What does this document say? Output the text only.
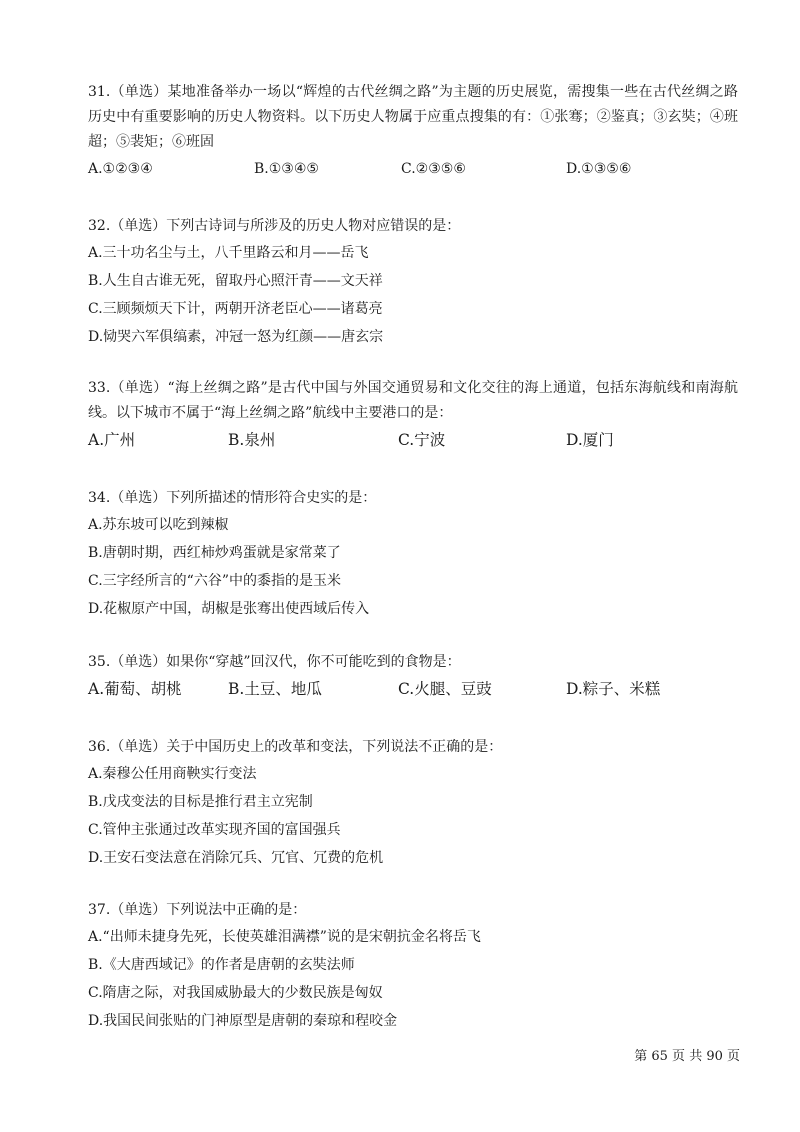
31.（单选）某地准备举办一场以“辉煌的古代丝绸之路”为主题的历史展览，需搜集一些在古代丝绸之路历史中有重要影响的历史人物资料。以下历史人物属于应重点搜集的有：①张骞；②鉴真；③玄奘；④班超；⑤裴矩；⑥班固

A.①②③④	B.①③④⑤	C.②③⑤⑥	D.①③⑤⑥

32.（单选）下列古诗词与所涉及的历史人物对应错误的是：

A.三十功名尘与土，八千里路云和月——岳飞

B.人生自古谁无死，留取丹心照汗青——文天祥

C.三顾频烦天下计，两朝开济老臣心——诸葛亮

D.恸哭六军俱缟素，冲冠一怒为红颜——唐玄宗

33.（单选）“海上丝绸之路”是古代中国与外国交通贸易和文化交往的海上通道，包括东海航线和南海航线。以下城市不属于“海上丝绸之路”航线中主要港口的是：

A.广州	B.泉州	C.宁波	D.厦门

34.（单选）下列所描述的情形符合史实的是：

A.苏东坡可以吃到辣椒

B.唐朝时期，西红柿炒鸡蛋就是家常菜了

C.三字经所言的“六谷”中的黍指的是玉米

D.花椒原产中国，胡椒是张骞出使西域后传入

35.（单选）如果你“穿越”回汉代，你不可能吃到的食物是：

A.葡萄、胡桃	B.土豆、地瓜	C.火腿、豆豉	D.粽子、米糕

36.（单选）关于中国历史上的改革和变法，下列说法不正确的是：

A.秦穆公任用商鞅实行变法

B.戊戌变法的目标是推行君主立宪制

C.管仲主张通过改革实现齐国的富国强兵

D.王安石变法意在消除冗兵、冗官、冗费的危机

37.（单选）下列说法中正确的是：

A.“出师未捷身先死，长使英雄泪满襟”说的是宋朝抗金名将岳飞

B.《大唐西域记》的作者是唐朝的玄奘法师

C.隋唐之际，对我国威胁最大的少数民族是匈奴

D.我国民间张贴的门神原型是唐朝的秦琼和程咬金

第 65 页 共 90 页
